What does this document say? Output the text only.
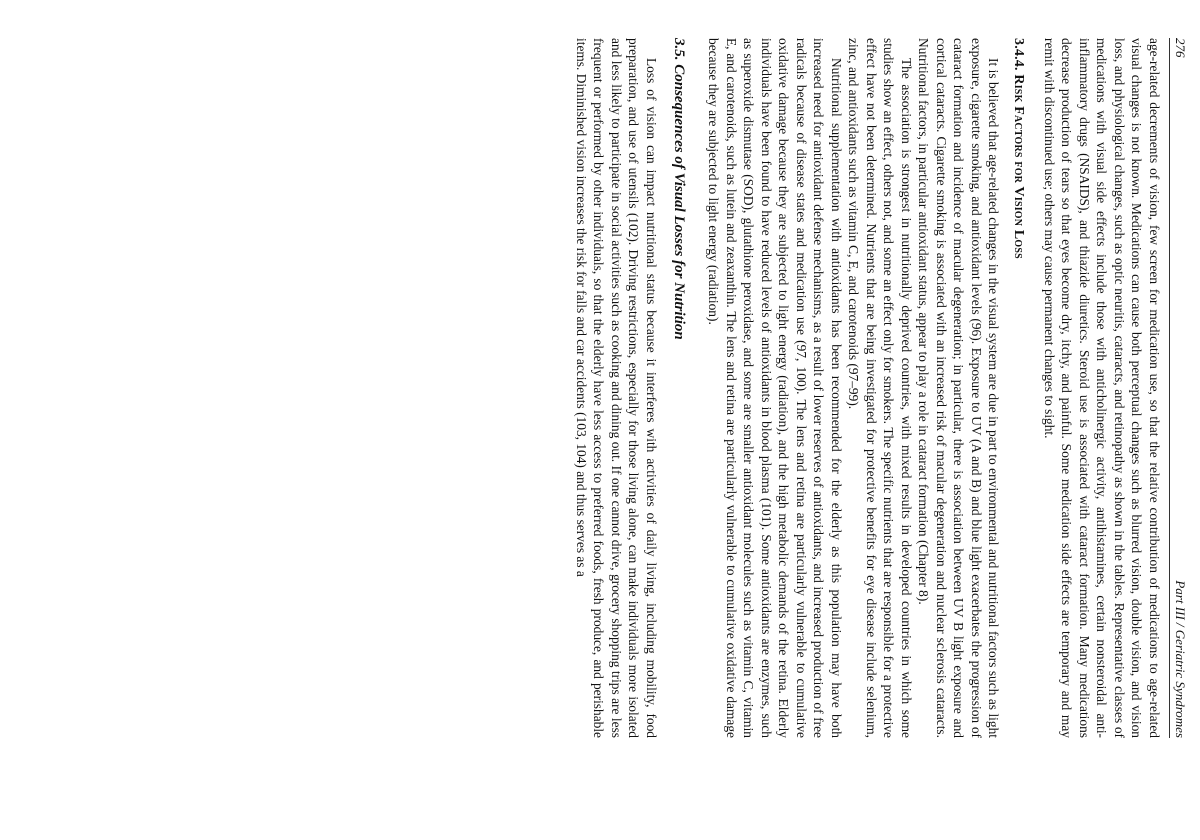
276
Part III / Geriatric Syndromes

age-related decrements of vision, few screen for medication use, so that the relative contribution of medications to age-related visual changes is not known. Medications can cause both perceptual changes such as blurred vision, double vision, and vision loss, and physiological changes, such as optic neuritis, cataracts, and retinopathy as shown in the tables. Representative classes of medications with visual side effects include those with anticholinergic activity, antihistamines, certain nonsteroidal anti-inflammatory drugs (NSAIDS), and thiazide diuretics. Steroid use is associated with cataract formation. Many medications decrease production of tears so that eyes become dry, itchy, and painful. Some medication side effects are temporary and may remit with discontinued use; others may cause permanent changes to sight.

3.4.4. Risk Factors for Vision Loss

It is believed that age-related changes in the visual system are due in part to environmental and nutritional factors such as light exposure, cigarette smoking, and antioxidant levels (96). Exposure to UV (A and B) and blue light exacerbates the progression of cataract formation and incidence of macular degeneration; in particular, there is association between UV B light exposure and cortical cataracts. Cigarette smoking is associated with an increased risk of macular degeneration and nuclear sclerosis cataracts. Nutritional factors, in particular antioxidant status, appear to play a role in cataract formation (Chapter 8).

The association is strongest in nutritionally deprived countries, with mixed results in developed countries in which some studies show an effect, others not, and some an effect only for smokers. The specific nutrients that are responsible for a protective effect have not been determined. Nutrients that are being investigated for protective benefits for eye disease include selenium, zinc, and antioxidants such as vitamin C, E, and carotenoids (97–99).

Nutritional supplementation with antioxidants has been recommended for the elderly as this population may have both increased need for antioxidant defense mechanisms, as a result of lower reserves of antioxidants, and increased production of free radicals because of disease states and medication use (97, 100). The lens and retina are particularly vulnerable to cumulative oxidative damage because they are subjected to light energy (radiation), and the high metabolic demands of the retina. Elderly individuals have been found to have reduced levels of antioxidants in blood plasma (101). Some antioxidants are enzymes, such as superoxide dismutase (SOD), glutathione peroxidase, and some are smaller antioxidant molecules such as vitamin C, vitamin E, and carotenoids, such as lutein and zeaxanthin. The lens and retina are particularly vulnerable to cumulative oxidative damage because they are subjected to light energy (radiation).

3.5. Consequences of Visual Losses for Nutrition

Loss of vision can impact nutritional status because it interferes with activities of daily living, including mobility, food preparation, and use of utensils (102). Driving restrictions, especially for those living alone, can make individuals more isolated and less likely to participate in social activities such as cooking and dining out. If one cannot drive, grocery shopping trips are less frequent or performed by other individuals, so that the elderly have less access to preferred foods, fresh produce, and perishable items. Diminished vision increases the risk for falls and car accidents (103, 104) and thus serves as a
